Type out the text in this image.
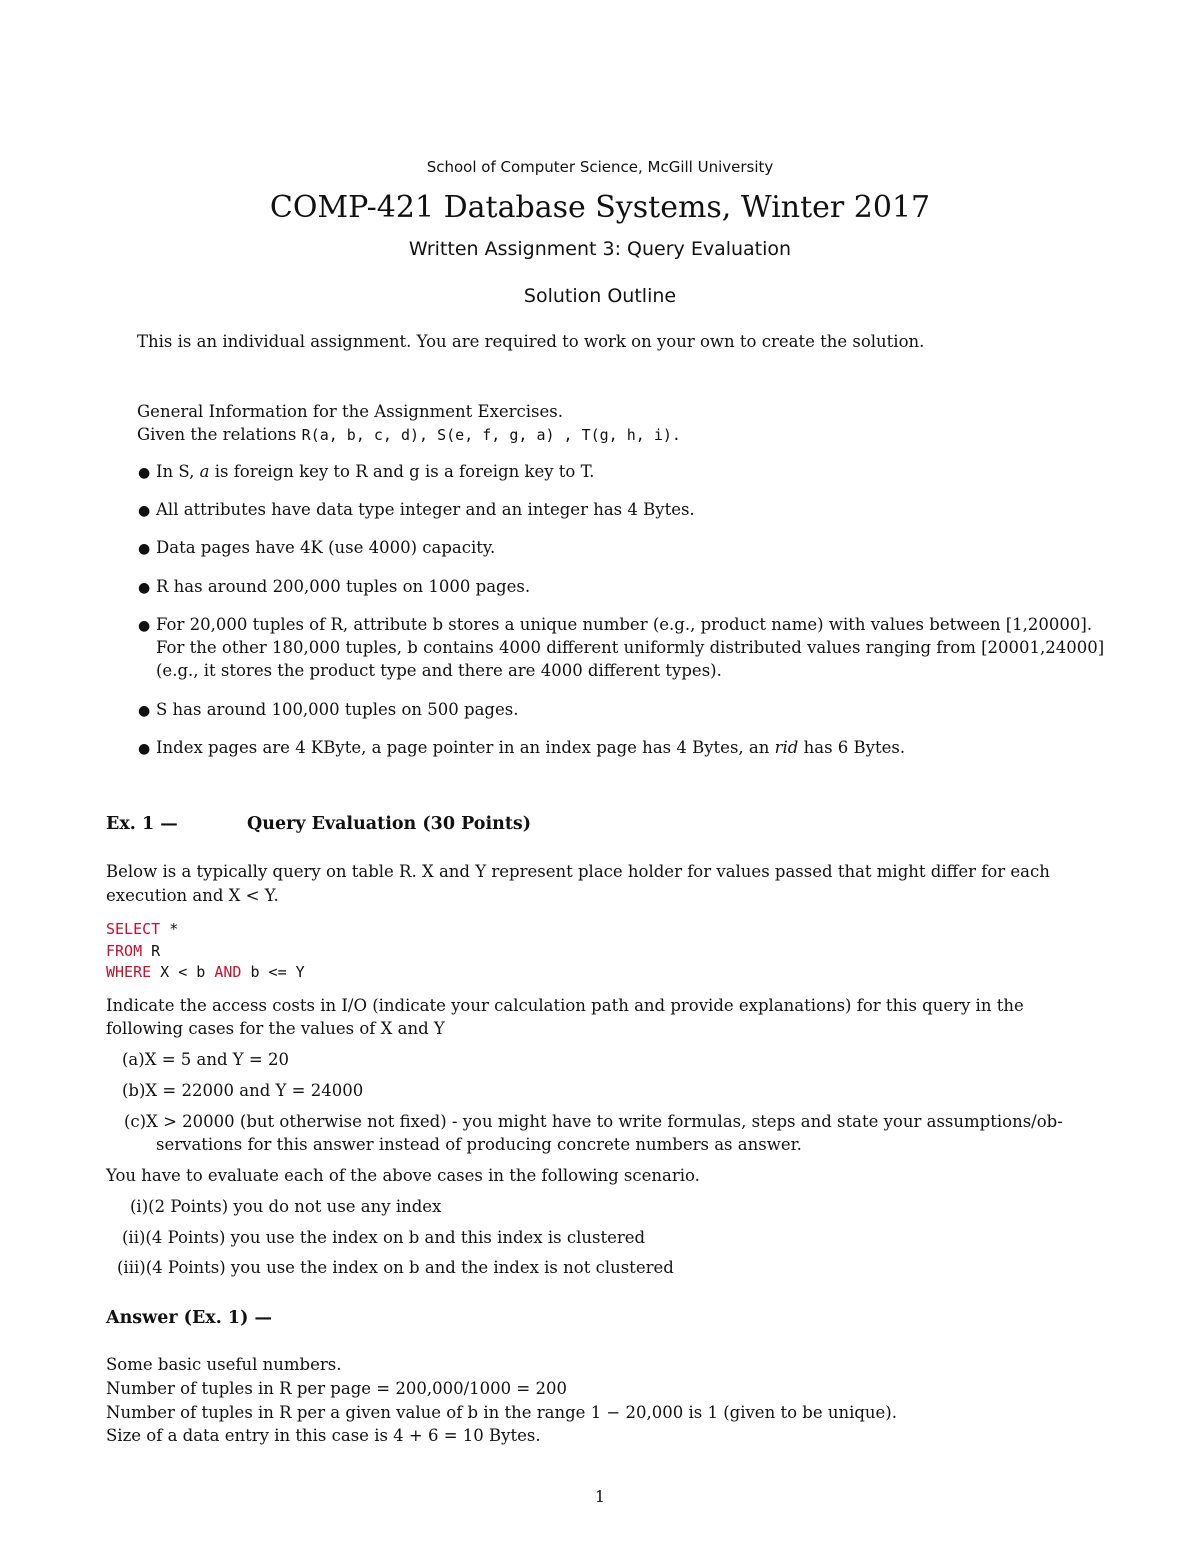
School of Computer Science, McGill University
COMP-421 Database Systems, Winter 2017
Written Assignment 3: Query Evaluation
Solution Outline
This is an individual assignment. You are required to work on your own to create the solution.
General Information for the Assignment Exercises.
Given the relations R(a, b, c, d), S(e, f, g, a) , T(g, h, i).
● In S, a is foreign key to R and g is a foreign key to T.
● All attributes have data type integer and an integer has 4 Bytes.
● Data pages have 4K (use 4000) capacity.
● R has around 200,000 tuples on 1000 pages.
● For 20,000 tuples of R, attribute b stores a unique number (e.g., product name) with values between [1,20000].
For the other 180,000 tuples, b contains 4000 different uniformly distributed values ranging from [20001,24000]
(e.g., it stores the product type and there are 4000 different types).
● S has around 100,000 tuples on 500 pages.
● Index pages are 4 KByte, a page pointer in an index page has 4 Bytes, an rid has 6 Bytes.
Ex. 1 —	Query Evaluation (30 Points)
Below is a typically query on table R. X and Y represent place holder for values passed that might differ for each
execution and X < Y.
SELECT *
FROM R
WHERE X < b AND b <= Y
Indicate the access costs in I/O (indicate your calculation path and provide explanations) for this query in the
following cases for the values of X and Y
(a)X = 5 and Y = 20
(b)X = 22000 and Y = 24000
(c)X > 20000 (but otherwise not fixed) - you might have to write formulas, steps and state your assumptions/ob-
servations for this answer instead of producing concrete numbers as answer.
You have to evaluate each of the above cases in the following scenario.
(i)(2 Points) you do not use any index
(ii)(4 Points) you use the index on b and this index is clustered
(iii)(4 Points) you use the index on b and the index is not clustered
Answer (Ex. 1) —
Some basic useful numbers.
Number of tuples in R per page = 200,000/1000 = 200
Number of tuples in R per a given value of b in the range 1 − 20,000 is 1 (given to be unique).
Size of a data entry in this case is 4 + 6 = 10 Bytes.
1
